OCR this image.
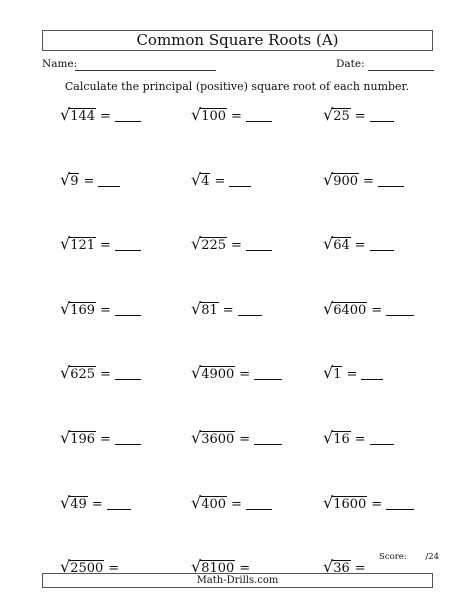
Common Square Roots (A)
Name:	Date:
Calculate the principal (positive) square root of each number.
√ 144 =	√ 100 =	√ 25 =
√ 9 =	√ 4 =	√ 900 =
√ 121 =	√ 225 =	√ 64 =
√ 169 =	√ 81 =	√ 6400 =
√ 625 =	√ 4900 =	√ 1 =
√ 196 =	√ 3600 =	√ 16 =
√ 49 =	√ 400 =	√ 1600 =
√ 2500 =	√ 8100 =	√ 36 =
Score: /24
Math-Drills.com
